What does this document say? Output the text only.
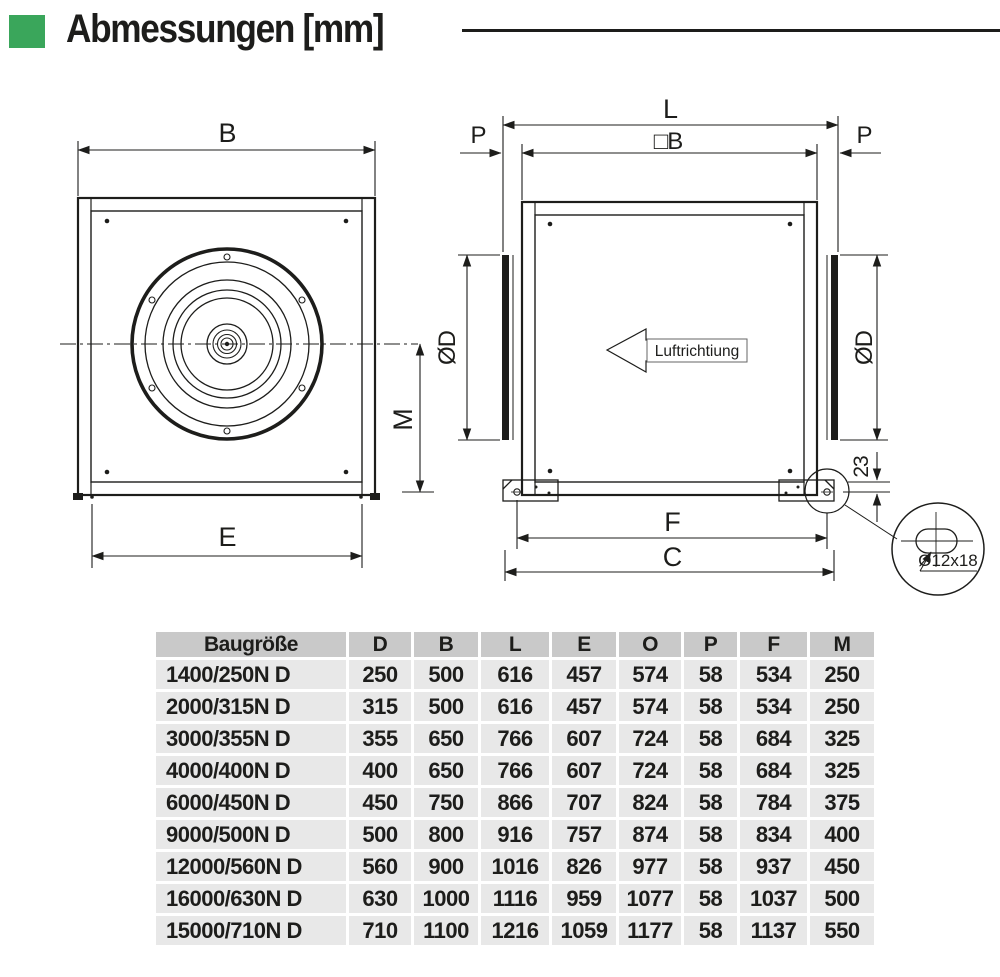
Abmessungen [mm]
B
M
E
L
□B
P	P
ØD	ØD
23
F
C
Luftrichtiung
Ø12x18
Baugröße	D	B	L	E	O	P	F	M
1400/250N D	250	500	616	457	574	58	534	250
2000/315N D	315	500	616	457	574	58	534	250
3000/355N D	355	650	766	607	724	58	684	325
4000/400N D	400	650	766	607	724	58	684	325
6000/450N D	450	750	866	707	824	58	784	375
9000/500N D	500	800	916	757	874	58	834	400
12000/560N D	560	900	1016	826	977	58	937	450
16000/630N D	630	1000	1116	959	1077	58	1037	500
15000/710N D	710	1100	1216	1059	1177	58	1137	550
